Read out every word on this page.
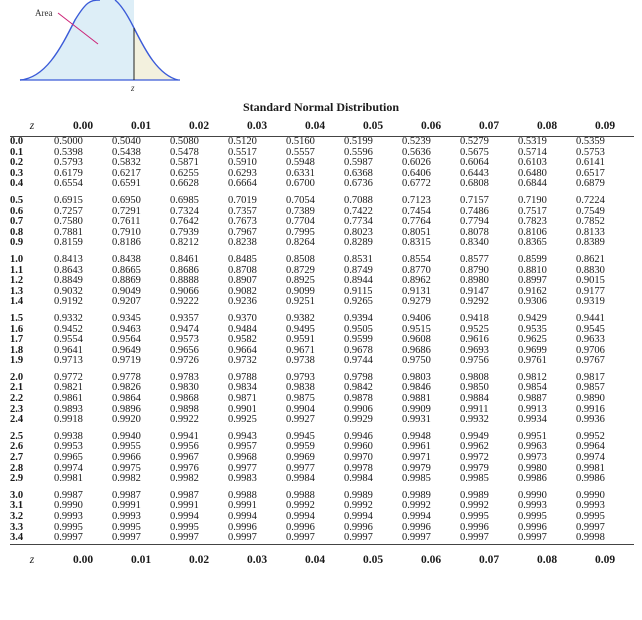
Area
z
Standard Normal Distribution
z	0.00	0.01	0.02	0.03	0.04	0.05	0.06	0.07	0.08	0.09
0.0	0.5000	0.5040	0.5080	0.5120	0.5160	0.5199	0.5239	0.5279	0.5319	0.5359
0.1	0.5398	0.5438	0.5478	0.5517	0.5557	0.5596	0.5636	0.5675	0.5714	0.5753
0.2	0.5793	0.5832	0.5871	0.5910	0.5948	0.5987	0.6026	0.6064	0.6103	0.6141
0.3	0.6179	0.6217	0.6255	0.6293	0.6331	0.6368	0.6406	0.6443	0.6480	0.6517
0.4	0.6554	0.6591	0.6628	0.6664	0.6700	0.6736	0.6772	0.6808	0.6844	0.6879

0.5	0.6915	0.6950	0.6985	0.7019	0.7054	0.7088	0.7123	0.7157	0.7190	0.7224
0.6	0.7257	0.7291	0.7324	0.7357	0.7389	0.7422	0.7454	0.7486	0.7517	0.7549
0.7	0.7580	0.7611	0.7642	0.7673	0.7704	0.7734	0.7764	0.7794	0.7823	0.7852
0.8	0.7881	0.7910	0.7939	0.7967	0.7995	0.8023	0.8051	0.8078	0.8106	0.8133
0.9	0.8159	0.8186	0.8212	0.8238	0.8264	0.8289	0.8315	0.8340	0.8365	0.8389

1.0	0.8413	0.8438	0.8461	0.8485	0.8508	0.8531	0.8554	0.8577	0.8599	0.8621
1.1	0.8643	0.8665	0.8686	0.8708	0.8729	0.8749	0.8770	0.8790	0.8810	0.8830
1.2	0.8849	0.8869	0.8888	0.8907	0.8925	0.8944	0.8962	0.8980	0.8997	0.9015
1.3	0.9032	0.9049	0.9066	0.9082	0.9099	0.9115	0.9131	0.9147	0.9162	0.9177
1.4	0.9192	0.9207	0.9222	0.9236	0.9251	0.9265	0.9279	0.9292	0.9306	0.9319

1.5	0.9332	0.9345	0.9357	0.9370	0.9382	0.9394	0.9406	0.9418	0.9429	0.9441
1.6	0.9452	0.9463	0.9474	0.9484	0.9495	0.9505	0.9515	0.9525	0.9535	0.9545
1.7	0.9554	0.9564	0.9573	0.9582	0.9591	0.9599	0.9608	0.9616	0.9625	0.9633
1.8	0.9641	0.9649	0.9656	0.9664	0.9671	0.9678	0.9686	0.9693	0.9699	0.9706
1.9	0.9713	0.9719	0.9726	0.9732	0.9738	0.9744	0.9750	0.9756	0.9761	0.9767

2.0	0.9772	0.9778	0.9783	0.9788	0.9793	0.9798	0.9803	0.9808	0.9812	0.9817
2.1	0.9821	0.9826	0.9830	0.9834	0.9838	0.9842	0.9846	0.9850	0.9854	0.9857
2.2	0.9861	0.9864	0.9868	0.9871	0.9875	0.9878	0.9881	0.9884	0.9887	0.9890
2.3	0.9893	0.9896	0.9898	0.9901	0.9904	0.9906	0.9909	0.9911	0.9913	0.9916
2.4	0.9918	0.9920	0.9922	0.9925	0.9927	0.9929	0.9931	0.9932	0.9934	0.9936

2.5	0.9938	0.9940	0.9941	0.9943	0.9945	0.9946	0.9948	0.9949	0.9951	0.9952
2.6	0.9953	0.9955	0.9956	0.9957	0.9959	0.9960	0.9961	0.9962	0.9963	0.9964
2.7	0.9965	0.9966	0.9967	0.9968	0.9969	0.9970	0.9971	0.9972	0.9973	0.9974
2.8	0.9974	0.9975	0.9976	0.9977	0.9977	0.9978	0.9979	0.9979	0.9980	0.9981
2.9	0.9981	0.9982	0.9982	0.9983	0.9984	0.9984	0.9985	0.9985	0.9986	0.9986

3.0	0.9987	0.9987	0.9987	0.9988	0.9988	0.9989	0.9989	0.9989	0.9990	0.9990
3.1	0.9990	0.9991	0.9991	0.9991	0.9992	0.9992	0.9992	0.9992	0.9993	0.9993
3.2	0.9993	0.9993	0.9994	0.9994	0.9994	0.9994	0.9994	0.9995	0.9995	0.9995
3.3	0.9995	0.9995	0.9995	0.9996	0.9996	0.9996	0.9996	0.9996	0.9996	0.9997
3.4	0.9997	0.9997	0.9997	0.9997	0.9997	0.9997	0.9997	0.9997	0.9997	0.9998
z	0.00	0.01	0.02	0.03	0.04	0.05	0.06	0.07	0.08	0.09
